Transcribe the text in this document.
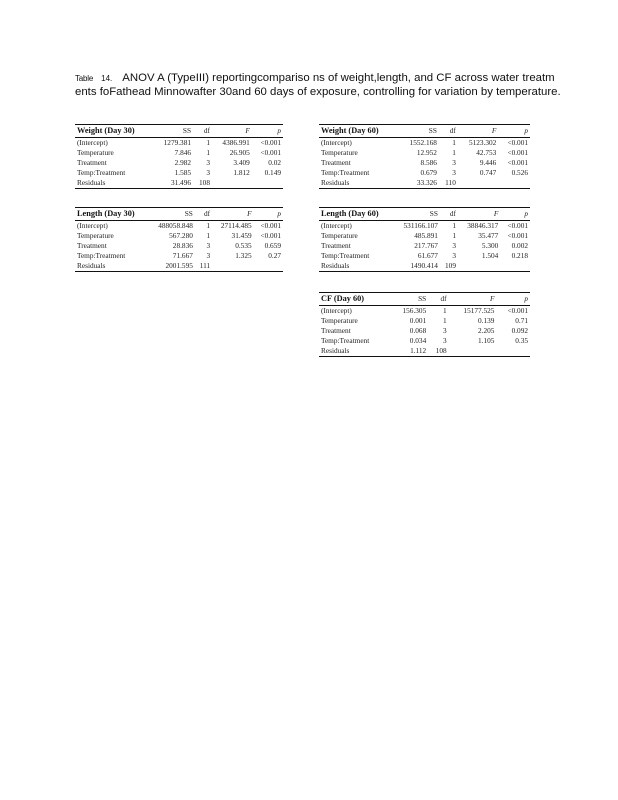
Table 14. ANOV A (TypeIII) reportingcompariso ns of weight,length, and CF across water treatm ents foFathead Minnowafter 30and 60 days of exposure, controlling for variation by temperature.
Weight (Day 30)	SS	df	F	p
(Intercept)	1279.381	1	4386.991	<0.001
Temperature	7.846	1	26.905	<0.001
Treatment	2.982	3	3.409	0.02
Temp:Treatment	1.585	3	1.812	0.149
Residuals	31.496	108		
Weight (Day 60)	SS	df	F	p
(Intercept)	1552.168	1	5123.302	<0.001
Temperature	12.952	1	42.753	<0.001
Treatment	8.586	3	9.446	<0.001
Temp:Treatment	0.679	3	0.747	0.526
Residuals	33.326	110		
Length (Day 30)	SS	df	F	p
(Intercept)	488058.848	1	27114.485	<0.001
Temperature	567.280	1	31.459	<0.001
Treatment	28.836	3	0.535	0.659
Temp:Treatment	71.667	3	1.325	0.27
Residuals	2001.595	111		
Length (Day 60)	SS	df	F	p
(Intercept)	531166.107	1	38846.317	<0.001
Temperature	485.891	1	35.477	<0.001
Treatment	217.767	3	5.300	0.002
Temp:Treatment	61.677	3	1.504	0.218
Residuals	1490.414	109		
CF (Day 60)	SS	df	F	p
(Intercept)	156.305	1	15177.525	<0.001
Temperature	0.001	1	0.139	0.71
Treatment	0.068	3	2.205	0.092
Temp:Treatment	0.034	3	1.105	0.35
Residuals	1.112	108		
